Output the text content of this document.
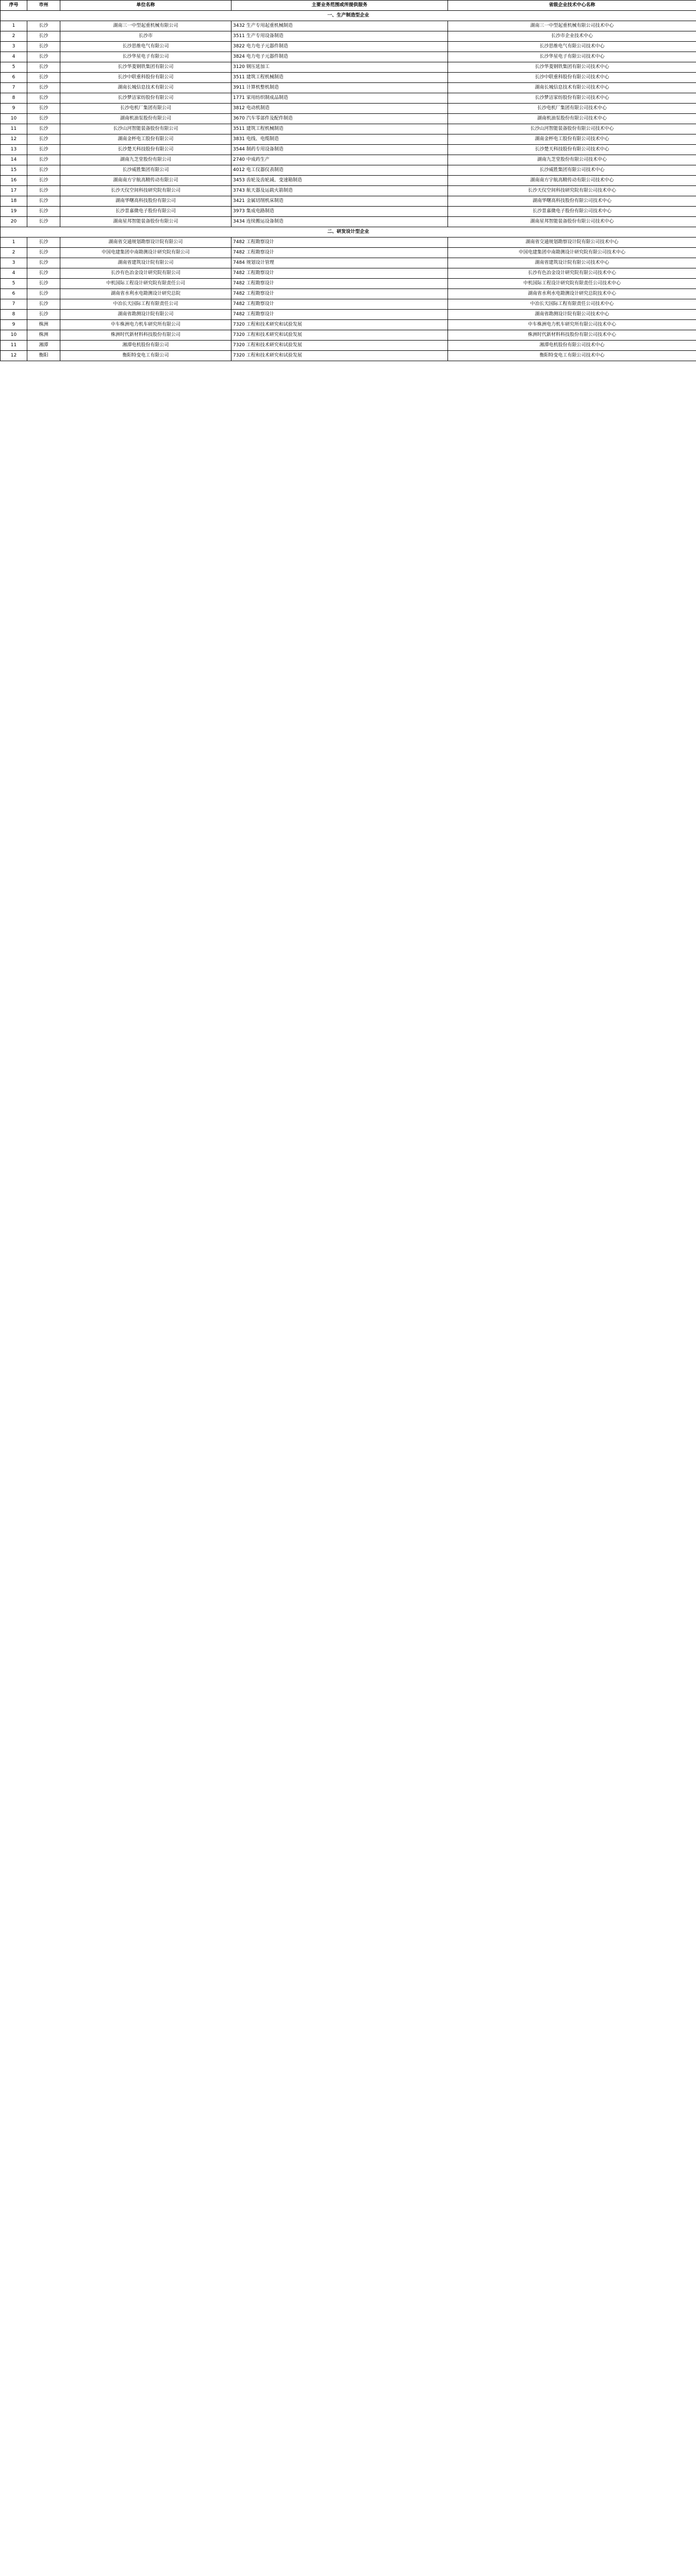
序号	市州	单位名称	主要业务范围或所提供服务	省级企业技术中心名称
一、生产制造型企业				
1	长沙	湖南三一中型起重机械有限公司	3432 生产专用起重机械制造	湖南三一中型起重机械有限公司技术中心
2	长沙	长沙市	3511 生产专用设备制造	长沙市企业技术中心
3	长沙	长沙思维电气有限公司	3822 电力电子元器件制造	长沙思维电气有限公司技术中心
4	长沙	长沙华星电子有限公司	3824 电力电子元器件制造	长沙华星电子有限公司技术中心
5	长沙	长沙华菱钢铁集团有限公司	3120 钢压延加工	长沙华菱钢铁集团有限公司技术中心
6	长沙	长沙中联重科股份有限公司	3511 建筑工程机械制造	长沙中联重科股份有限公司技术中心
7	长沙	湖南长城信息技术有限公司	3911 计算机整机制造	湖南长城信息技术有限公司技术中心
8	长沙	长沙梦洁家纺股份有限公司	1771 家用纺织制成品制造	长沙梦洁家纺股份有限公司技术中心
9	长沙	长沙电机厂集团有限公司	3812 电动机制造	长沙电机厂集团有限公司技术中心
10	长沙	湖南机油泵股份有限公司	3670 汽车零部件及配件制造	湖南机油泵股份有限公司技术中心
11	长沙	长沙山河智能装备股份有限公司	3511 建筑工程机械制造	长沙山河智能装备股份有限公司技术中心
12	长沙	湖南金杯电工股份有限公司	3831 电线、电缆制造	湖南金杯电工股份有限公司技术中心
13	长沙	长沙楚天科技股份有限公司	3544 制药专用设备制造	长沙楚天科技股份有限公司技术中心
14	长沙	湖南九芝堂股份有限公司	2740 中成药生产	湖南九芝堂股份有限公司技术中心
15	长沙	长沙威胜集团有限公司	4012 电工仪器仪表制造	长沙威胜集团有限公司技术中心
16	长沙	湖南南方宇航高精传动有限公司	3453 齿轮及齿轮减、变速箱制造	湖南南方宇航高精传动有限公司技术中心
17	长沙	长沙天仪空间科技研究院有限公司	3743 航天器及运载火箭制造	长沙天仪空间科技研究院有限公司技术中心
18	长沙	湖南华曙高科技股份有限公司	3421 金属切削机床制造	湖南华曙高科技股份有限公司技术中心
19	长沙	长沙景嘉微电子股份有限公司	3973 集成电路制造	长沙景嘉微电子股份有限公司技术中心
20	长沙	湖南星邦智能装备股份有限公司	3434 连续搬运设备制造	湖南星邦智能装备股份有限公司技术中心
二、研发设计型企业				
1	长沙	湖南省交通规划勘察设计院有限公司	7482 工程勘察设计	湖南省交通规划勘察设计院有限公司技术中心
2	长沙	中国电建集团中南勘测设计研究院有限公司	7482 工程勘察设计	中国电建集团中南勘测设计研究院有限公司技术中心
3	长沙	湖南省建筑设计院有限公司	7484 规划设计管理	湖南省建筑设计院有限公司技术中心
4	长沙	长沙有色冶金设计研究院有限公司	7482 工程勘察设计	长沙有色冶金设计研究院有限公司技术中心
5	长沙	中机国际工程设计研究院有限责任公司	7482 工程勘察设计	中机国际工程设计研究院有限责任公司技术中心
6	长沙	湖南省水利水电勘测设计研究总院	7482 工程勘察设计	湖南省水利水电勘测设计研究总院技术中心
7	长沙	中冶长天国际工程有限责任公司	7482 工程勘察设计	中冶长天国际工程有限责任公司技术中心
8	长沙	湖南省勘测设计院有限公司	7482 工程勘察设计	湖南省勘测设计院有限公司技术中心
9	株洲	中车株洲电力机车研究所有限公司	7320 工程和技术研究和试验发展	中车株洲电力机车研究所有限公司技术中心
10	株洲	株洲时代新材料科技股份有限公司	7320 工程和技术研究和试验发展	株洲时代新材料科技股份有限公司技术中心
11	湘潭	湘潭电机股份有限公司	7320 工程和技术研究和试验发展	湘潭电机股份有限公司技术中心
12	衡阳	衡阳特变电工有限公司	7320 工程和技术研究和试验发展	衡阳特变电工有限公司技术中心
